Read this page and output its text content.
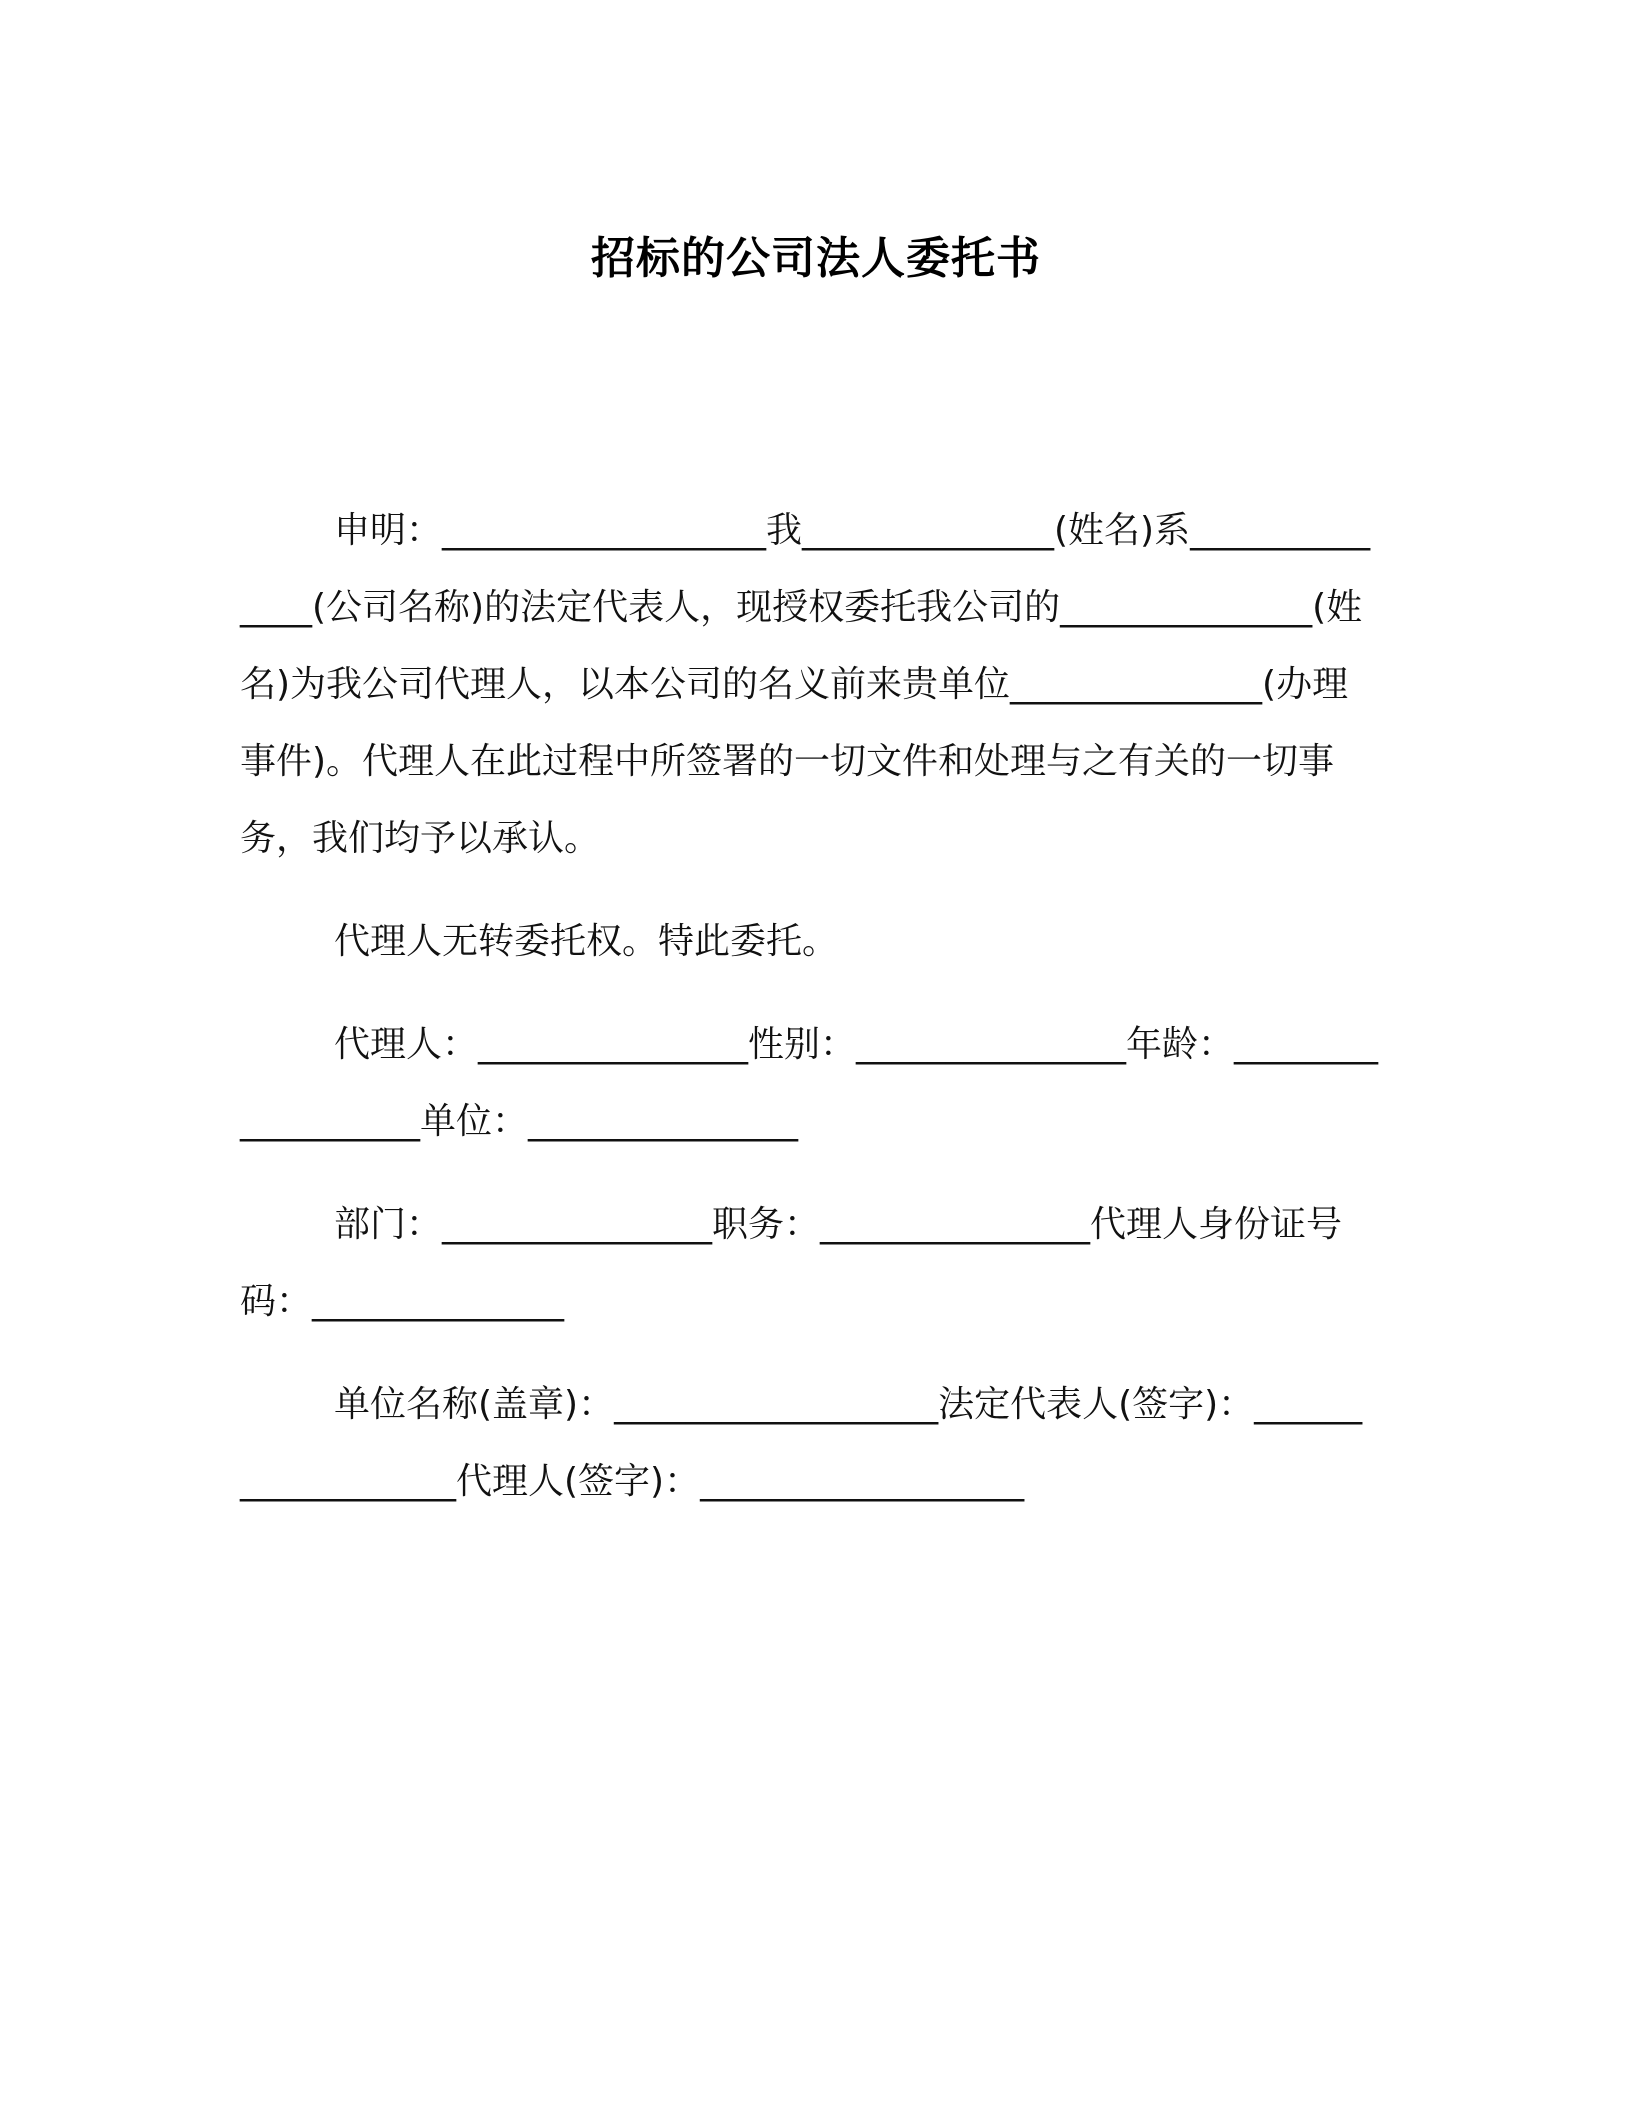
招标的公司法人委托书

申明：__________________我______________(姓名)系______________(公司名称)的法定代表人，现授权委托我公司的______________(姓名)为我公司代理人，以本公司的名义前来贵单位______________(办理事件)。代理人在此过程中所签署的一切文件和处理与之有关的一切事务，我们均予以承认。

代理人无转委托权。特此委托。

代理人：_______________性别：_______________年龄：__________________单位：_______________

部门：_______________职务：_______________代理人身份证号码：______________

单位名称(盖章)：__________________法定代表人(签字)：__________________代理人(签字)：__________________
